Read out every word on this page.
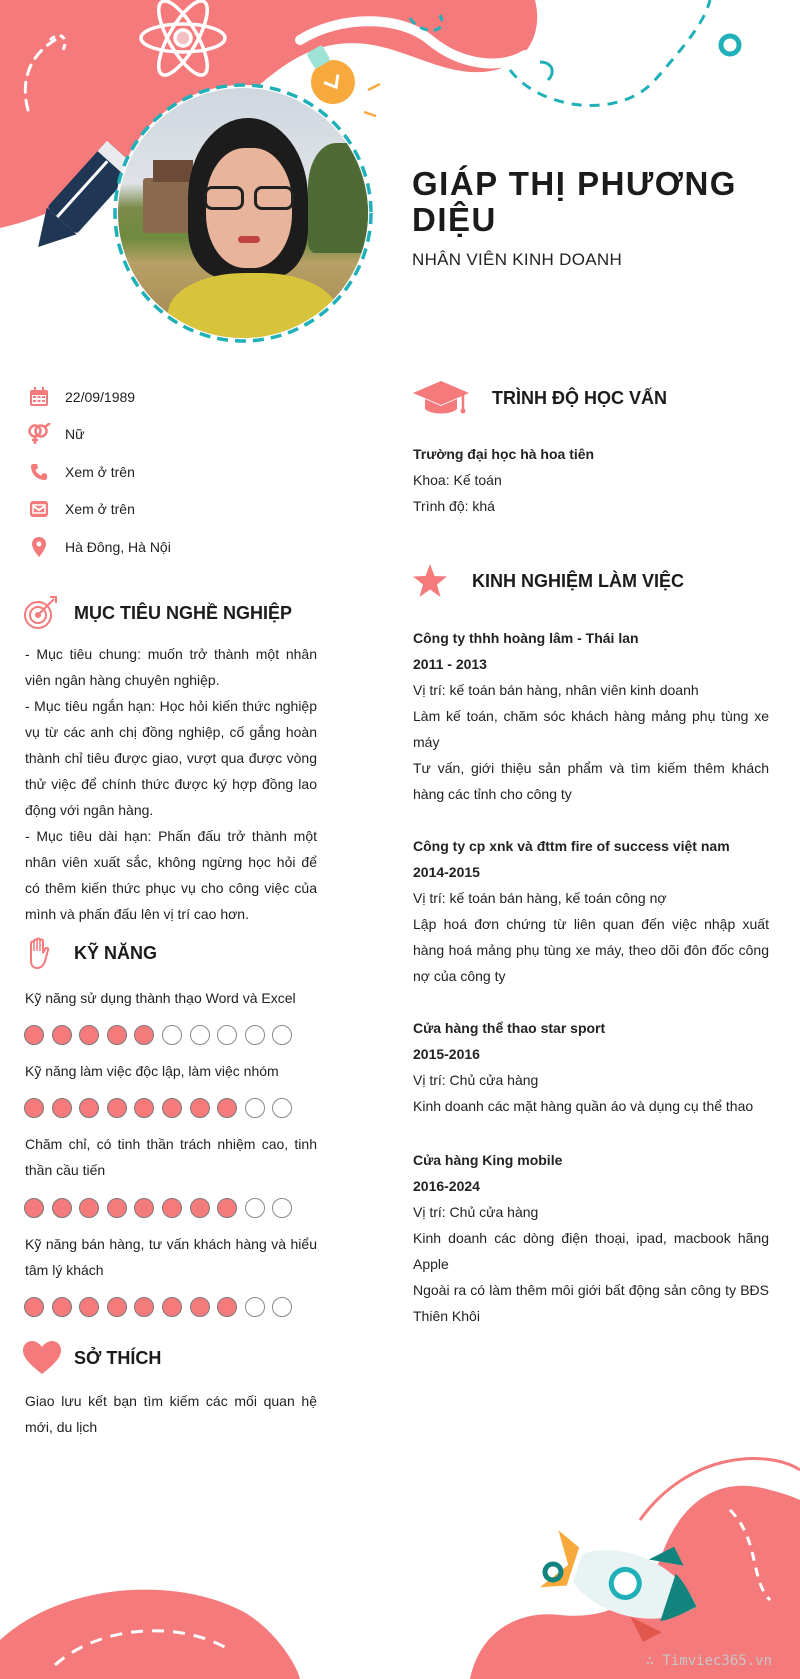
GIÁP THỊ PHƯƠNG DIỆU
NHÂN VIÊN KINH DOANH
22/09/1989
Nữ
Xem ở trên
Xem ở trên
Hà Đông, Hà Nội
MỤC TIÊU NGHỀ NGHIỆP
- Mục tiêu chung: muốn trở thành một nhân viên ngân hàng chuyên nghiệp.
- Mục tiêu ngắn hạn: Học hỏi kiến thức nghiệp vụ từ các anh chị đồng nghiệp, cố gắng hoàn thành chỉ tiêu được giao, vượt qua được vòng thử việc để chính thức được ký hợp đồng lao động với ngân hàng.
- Mục tiêu dài hạn: Phấn đấu trở thành một nhân viên xuất sắc, không ngừng học hỏi để có thêm kiến thức phục vụ cho công việc của mình và phấn đấu lên vị trí cao hơn.
KỸ NĂNG
Kỹ năng sử dụng thành thạo Word và Excel
Kỹ năng làm việc độc lập, làm việc nhóm
Chăm chỉ, có tinh thần trách nhiệm cao, tinh thần cầu tiến
Kỹ năng bán hàng, tư vấn khách hàng và hiểu tâm lý khách
SỞ THÍCH
Giao lưu kết bạn tìm kiếm các mối quan hệ mới, du lịch
TRÌNH ĐỘ HỌC VẤN
Trường đại học hà hoa tiên
Khoa: Kế toán
Trình độ: khá
KINH NGHIỆM LÀM VIỆC
Công ty thhh hoàng lâm - Thái lan
2011 - 2013
Vị trí: kế toán bán hàng, nhân viên kinh doanh
Làm kế toán, chăm sóc khách hàng mảng phụ tùng xe máy
Tư vấn, giới thiệu sản phẩm và tìm kiếm thêm khách hàng các tỉnh cho công ty
Công ty cp xnk và đttm fire of success việt nam
2014-2015
Vị trí: kế toán bán hàng, kế toán công nợ
Lập hoá đơn chứng từ liên quan đến việc nhập xuất hàng hoá mảng phụ tùng xe máy, theo dõi đôn đốc công nợ của công ty
Cửa hàng thể thao star sport
2015-2016
Vị trí: Chủ cửa hàng
Kinh doanh các mặt hàng quần áo và dụng cụ thể thao
Cửa hàng King mobile
2016-2024
Vị trí: Chủ cửa hàng
Kinh doanh các dòng điện thoại, ipad, macbook hãng Apple
Ngoài ra có làm thêm môi giới bất động sản công ty BĐS Thiên Khôi
∴ Timviec365.vn
